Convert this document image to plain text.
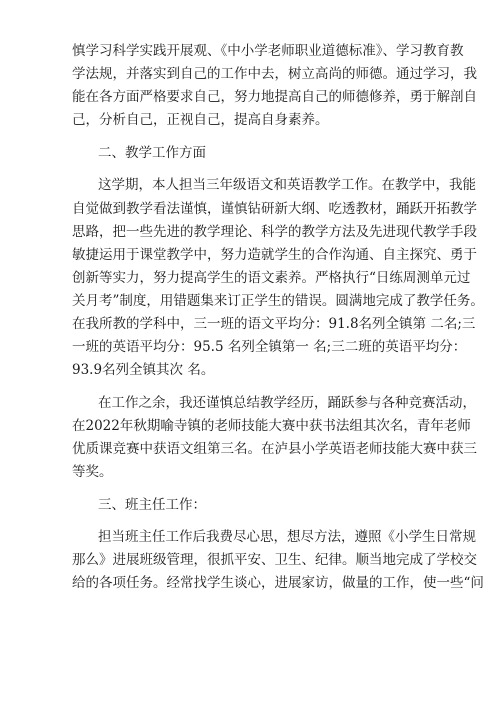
慎学习科学实践开展观、《中小学老师职业道德标准》、学习教育教
学法规，并落实到自己的工作中去，树立高尚的师德。通过学习，我
能在各方面严格要求自己，努力地提高自己的师德修养，勇于解剖自
己，分析自己，正视自己，提高自身素养。
二、教学工作方面
这学期，本人担当三年级语文和英语教学工作。在教学中，我能
自觉做到教学看法谨慎，谨慎钻研新大纲、吃透教材，踊跃开拓教学
思路，把一些先进的教学理论、科学的教学方法及先进现代教学手段
敏捷运用于课堂教学中，努力造就学生的合作沟通、自主探究、勇于
创新等实力，努力提高学生的语文素养。严格执行“日练周测单元过
关月考”制度，用错题集来订正学生的错误。圆满地完成了教学任务。
在我所教的学科中，三一班的语文平均分：91.8名列全镇第 二名;三
一班的英语平均分：95.5 名列全镇第一 名;三二班的英语平均分：
93.9名列全镇其次 名。
在工作之余，我还谨慎总结教学经历，踊跃参与各种竞赛活动，
在2022年秋期喻寺镇的老师技能大赛中获书法组其次名，青年老师
优质课竞赛中获语文组第三名。在泸县小学英语老师技能大赛中获三
等奖。
三、班主任工作：
担当班主任工作后我费尽心思，想尽方法，遵照《小学生日常规
那么》进展班级管理，很抓平安、卫生、纪律。顺当地完成了学校交
给的各项任务。经常找学生谈心，进展家访，做量的工作，使一些“问
